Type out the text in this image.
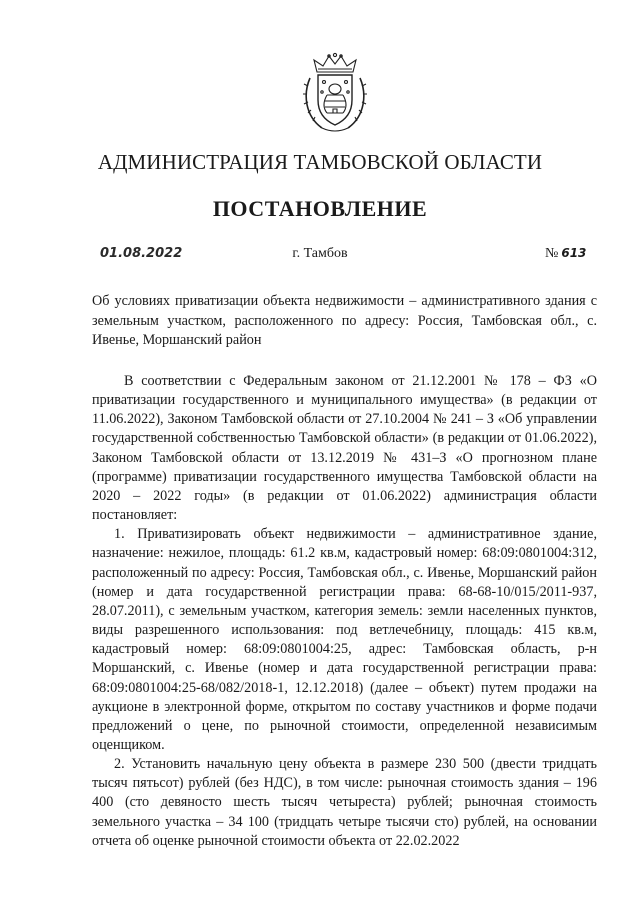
АДМИНИСТРАЦИЯ ТАМБОВСКОЙ ОБЛАСТИ
ПОСТАНОВЛЕНИЕ
01.08.2022	г. Тамбов	№ 613
Об условиях приватизации объекта недвижимости – административного здания с земельным участком, расположенного по адресу: Россия, Тамбовская обл., с. Ивенье, Моршанский район

В соответствии с Федеральным законом от 21.12.2001 № 178 – ФЗ «О приватизации государственного и муниципального имущества» (в редакции от 11.06.2022), Законом Тамбовской области от 27.10.2004 № 241 – З «Об управлении государственной собственностью Тамбовской области» (в редакции от 01.06.2022), Законом Тамбовской области от 13.12.2019 № 431–З «О прогнозном плане (программе) приватизации государственного имущества Тамбовской области на 2020 – 2022 годы» (в редакции от 01.06.2022) администрация области постановляет:

1. Приватизировать объект недвижимости – административное здание, назначение: нежилое, площадь: 61.2 кв.м, кадастровый номер: 68:09:0801004:312, расположенный по адресу: Россия, Тамбовская обл., с. Ивенье, Моршанский район (номер и дата государственной регистрации права: 68-68-10/015/2011-937, 28.07.2011), с земельным участком, категория земель: земли населенных пунктов, виды разрешенного использования: под ветлечебницу, площадь: 415 кв.м, кадастровый номер: 68:09:0801004:25, адрес: Тамбовская область, р-н Моршанский, с. Ивенье (номер и дата государственной регистрации права: 68:09:0801004:25-68/082/2018-1, 12.12.2018) (далее – объект) путем продажи на аукционе в электронной форме, открытом по составу участников и форме подачи предложений о цене, по рыночной стоимости, определенной независимым оценщиком.

2. Установить начальную цену объекта в размере 230 500 (двести тридцать тысяч пятьсот) рублей (без НДС), в том числе: рыночная стоимость здания – 196 400 (сто девяносто шесть тысяч четыреста) рублей; рыночная стоимость земельного участка – 34 100 (тридцать четыре тысячи сто) рублей, на основании отчета об оценке рыночной стоимости объекта от 22.02.2022
